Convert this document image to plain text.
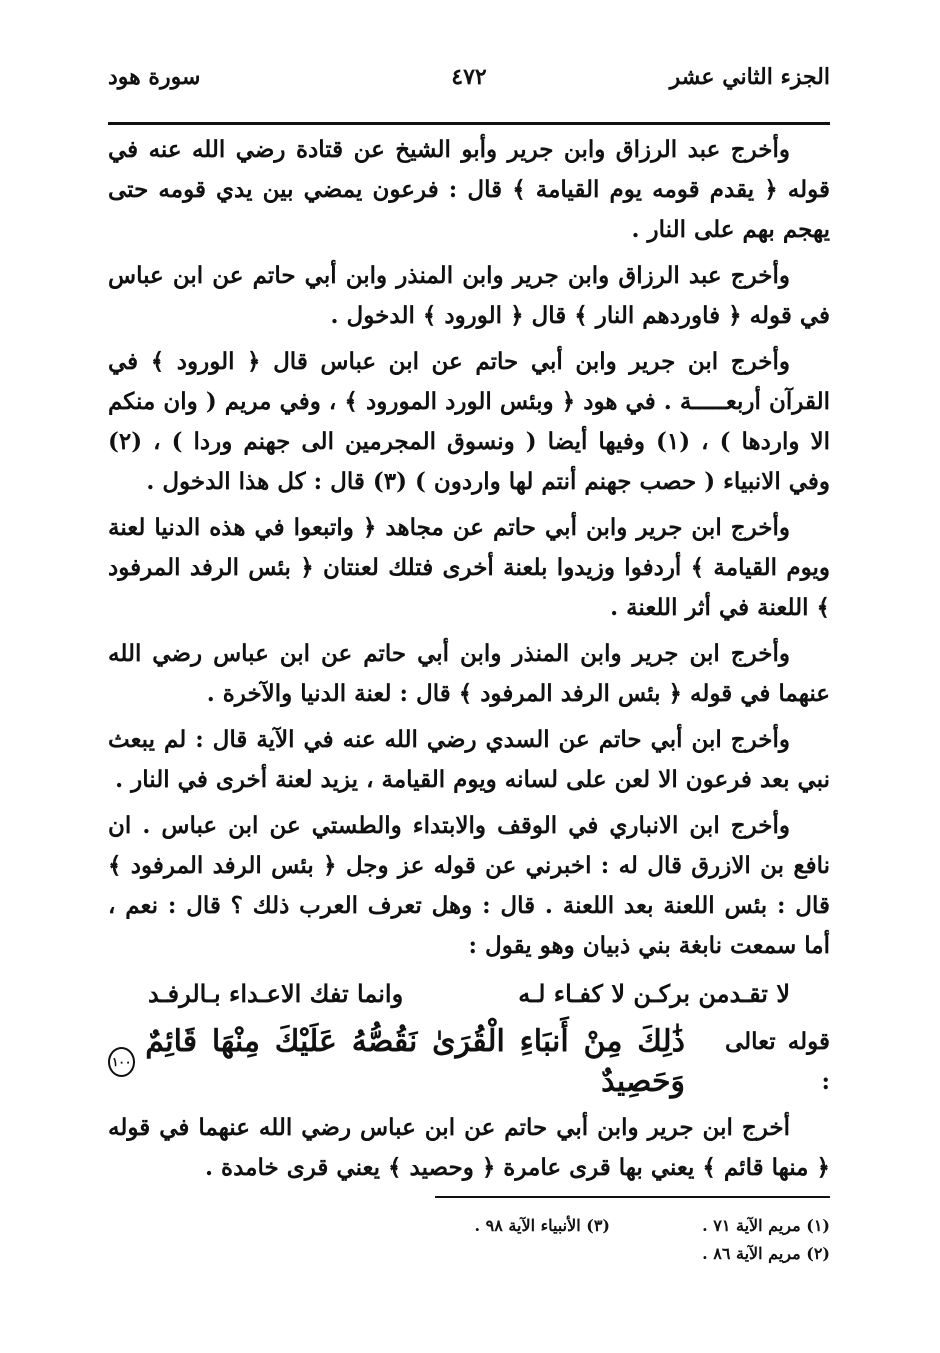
الجزء الثاني عشر
٤٧٢
سورة هود

وأخرج عبد الرزاق وابن جرير وأبو الشيخ عن قتادة رضي الله عنه في قوله ﴿ يقدم قومه يوم القيامة ﴾ قال : فرعون يمضي بين يدي قومه حتى يهجم بهم على النار .

وأخرج عبد الرزاق وابن جرير وابن المنذر وابن أبي حاتم عن ابن عباس في قوله ﴿ فاوردهم النار ﴾ قال ﴿ الورود ﴾ الدخول .

وأخرج ابن جرير وابن أبي حاتم عن ابن عباس قال ﴿ الورود ﴾ في القرآن أربعـــــة . في هود ﴿ وبئس الورد المورود ﴾ ، وفي مريم ( وان منكم الا واردها ) ، (١) وفيها أيضا ( ونسوق المجرمين الى جهنم وردا ) ، (٢) وفي الانبياء ( حصب جهنم أنتم لها واردون ) (٣) قال : كل هذا الدخول .

وأخرج ابن جرير وابن أبي حاتم عن مجاهد ﴿ واتبعوا في هذه الدنيا لعنة ويوم القيامة ﴾ أردفوا وزيدوا بلعنة أخرى فتلك لعنتان ﴿ بئس الرفد المرفود ﴾ اللعنة في أثر اللعنة .

وأخرج ابن جرير وابن المنذر وابن أبي حاتم عن ابن عباس رضي الله عنهما في قوله ﴿ بئس الرفد المرفود ﴾ قال : لعنة الدنيا والآخرة .

وأخرج ابن أبي حاتم عن السدي رضي الله عنه في الآية قال : لم يبعث نبي بعد فرعون الا لعن على لسانه ويوم القيامة ، يزيد لعنة أخرى في النار .

وأخرج ابن الانباري في الوقف والابتداء والطستي عن ابن عباس . ان نافع بن الازرق قال له : اخبرني عن قوله عز وجل ﴿ بئس الرفد المرفود ﴾ قال : بئس اللعنة بعد اللعنة . قال : وهل تعرف العرب ذلك ؟ قال : نعم ، أما سمعت نابغة بني ذبيان وهو يقول :

لا تقـدمن بركـن لا كفـاء لـه
وانما تفك الاعـداء بـالرفـد
قوله تعالى :
ذَٰلِكَ مِنْ أَنبَاءِ الْقُرَىٰ نَقُصُّهُ عَلَيْكَ مِنْهَا قَائِمٌ وَحَصِيدٌ
١٠٠

أخرج ابن جرير وابن أبي حاتم عن ابن عباس رضي الله عنهما في قوله ﴿ منها قائم ﴾ يعني بها قرى عامرة ﴿ وحصيد ﴾ يعني قرى خامدة .

(١) مريم الآية ٧١ .
(٣) الأنبياء الآية ٩٨ .
(٢) مريم الآية ٨٦ .
